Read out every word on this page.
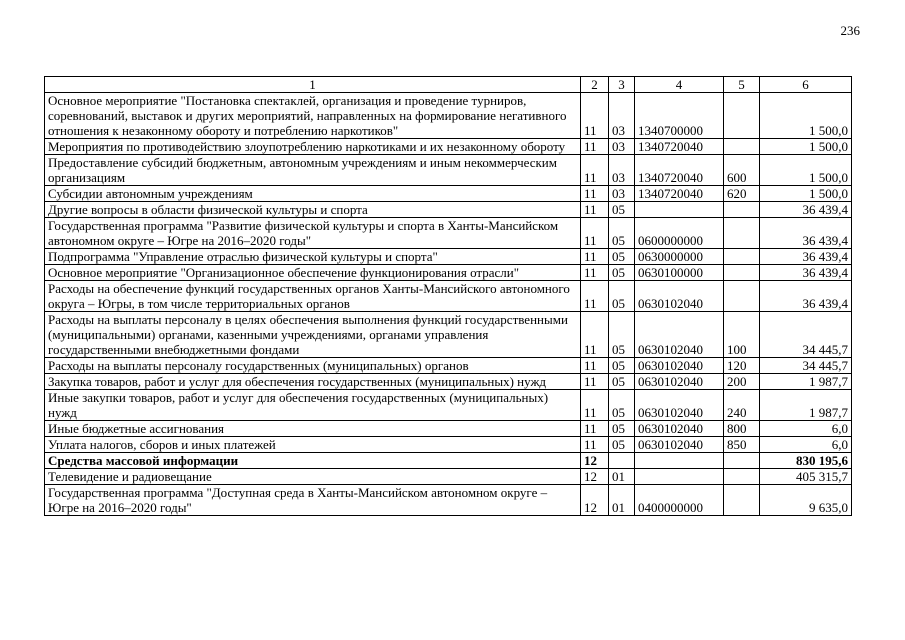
236
1	2	3	4	5	6
Основное мероприятие "Постановка спектаклей, организация и проведение турниров, соревнований, выставок и других мероприятий, направленных на формирование негативного отношения к незаконному обороту и потреблению наркотиков"	11	03	1340700000		1 500,0
Мероприятия по противодействию злоупотреблению наркотиками и их незаконному обороту	11	03	1340720040		1 500,0
Предоставление субсидий бюджетным, автономным учреждениям и иным некоммерческим организациям	11	03	1340720040	600	1 500,0
Субсидии автономным учреждениям	11	03	1340720040	620	1 500,0
Другие вопросы в области физической культуры и спорта	11	05			36 439,4
Государственная программа "Развитие физической культуры и спорта в Ханты-Мансийском автономном округе – Югре на 2016–2020 годы"	11	05	0600000000		36 439,4
Подпрограмма "Управление отраслью физической культуры и спорта"	11	05	0630000000		36 439,4
Основное мероприятие "Организационное обеспечение функционирования отрасли"	11	05	0630100000		36 439,4
Расходы на обеспечение функций государственных органов Ханты-Мансийского автономного округа – Югры, в том числе территориальных органов	11	05	0630102040		36 439,4
Расходы на выплаты персоналу в целях обеспечения выполнения функций государственными (муниципальными) органами, казенными учреждениями, органами управления государственными внебюджетными фондами	11	05	0630102040	100	34 445,7
Расходы на выплаты персоналу государственных (муниципальных) органов	11	05	0630102040	120	34 445,7
Закупка товаров, работ и услуг для обеспечения государственных (муниципальных) нужд	11	05	0630102040	200	1 987,7
Иные закупки товаров, работ и услуг для обеспечения государственных (муниципальных) нужд	11	05	0630102040	240	1 987,7
Иные бюджетные ассигнования	11	05	0630102040	800	6,0
Уплата налогов, сборов и иных платежей	11	05	0630102040	850	6,0
Средства массовой информации	12				830 195,6
Телевидение и радиовещание	12	01			405 315,7
Государственная программа "Доступная среда в Ханты-Мансийском автономном округе – Югре на 2016–2020 годы"	12	01	0400000000		9 635,0
